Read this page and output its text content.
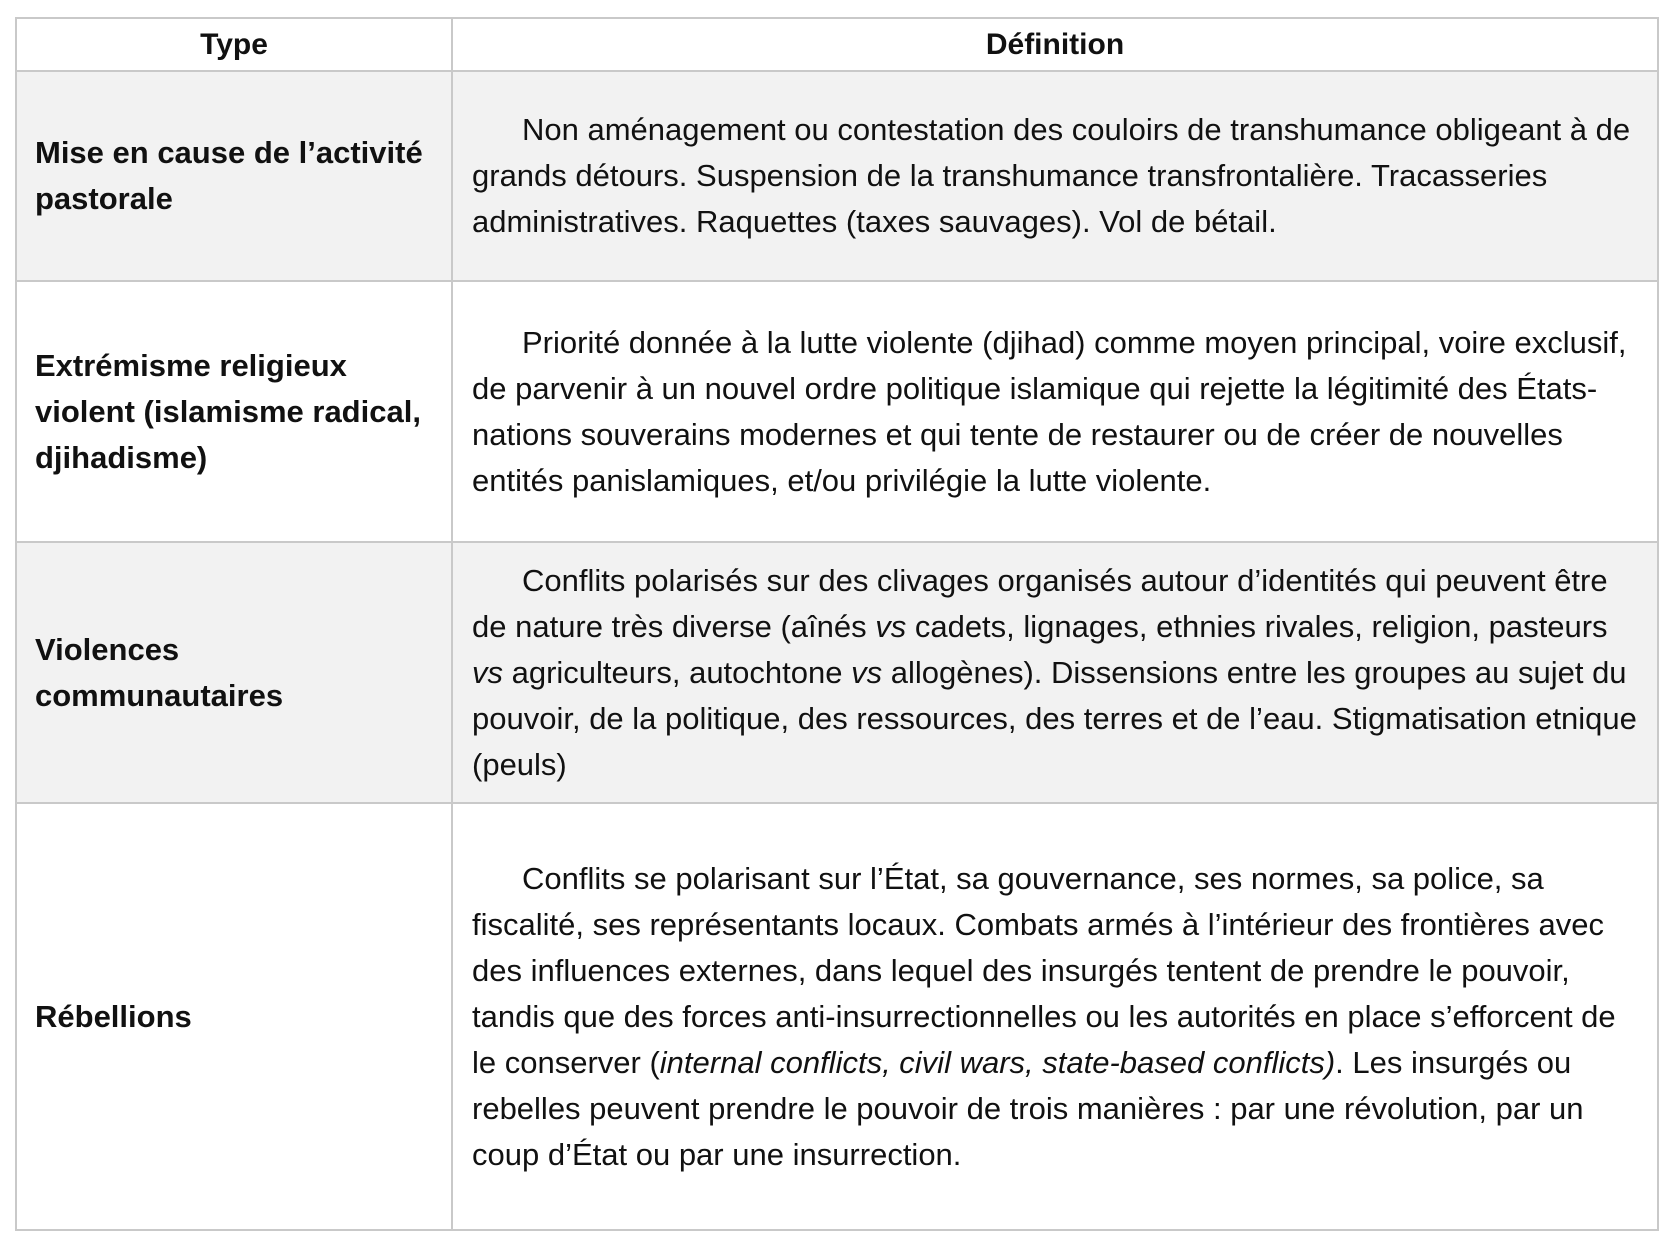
Type	Définition
Mise en cause de l’activité pastorale	Non aménagement ou contestation des couloirs de transhumance obligeant à de grands détours. Suspension de la transhumance transfrontalière. Tracasseries administratives. Raquettes (taxes sauvages). Vol de bétail.
Extrémisme religieux violent (islamisme radical, djihadisme)	Priorité donnée à la lutte violente (djihad) comme moyen principal, voire exclusif, de parvenir à un nouvel ordre politique islamique qui rejette la légitimité des États-nations souverains modernes et qui tente de restaurer ou de créer de nouvelles entités panislamiques, et/ou privilégie la lutte violente.
Violences communautaires	Conflits polarisés sur des clivages organisés autour d’identités qui peuvent être de nature très diverse (aînés vs cadets, lignages, ethnies rivales, religion, pasteurs vs agriculteurs, autochtone vs allogènes). Dissensions entre les groupes au sujet du pouvoir, de la politique, des ressources, des terres et de l’eau. Stigmatisation etnique (peuls)
Rébellions	Conflits se polarisant sur l’État, sa gouvernance, ses normes, sa police, sa fiscalité, ses représentants locaux. Combats armés à l’intérieur des frontières avec des influences externes, dans lequel des insurgés tentent de prendre le pouvoir, tandis que des forces anti-insurrectionnelles ou les autorités en place s’efforcent de le conserver (internal conflicts, civil wars, state-based conflicts). Les insurgés ou rebelles peuvent prendre le pouvoir de trois manières : par une révolution, par un coup d’État ou par une insurrection.
